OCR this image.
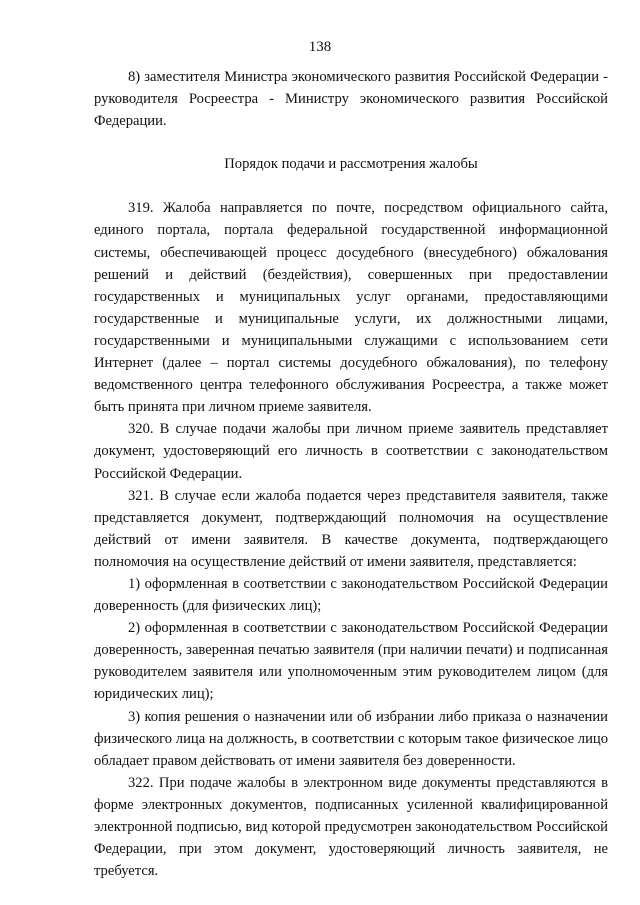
138

8) заместителя Министра экономического развития Российской Федерации - руководителя Росреестра - Министру экономического развития Российской Федерации.

Порядок подачи и рассмотрения жалобы

319. Жалоба направляется по почте, посредством официального сайта, единого портала, портала федеральной государственной информационной системы, обеспечивающей процесс досудебного (внесудебного) обжалования решений и действий (бездействия), совершенных при предоставлении государственных и муниципальных услуг органами, предоставляющими государственные и муниципальные услуги, их должностными лицами, государственными и муниципальными служащими с использованием сети Интернет (далее – портал системы досудебного обжалования), по телефону ведомственного центра телефонного обслуживания Росреестра, а также может быть принята при личном приеме заявителя.

320. В случае подачи жалобы при личном приеме заявитель представляет документ, удостоверяющий его личность в соответствии с законодательством Российской Федерации.

321. В случае если жалоба подается через представителя заявителя, также представляется документ, подтверждающий полномочия на осуществление действий от имени заявителя. В качестве документа, подтверждающего полномочия на осуществление действий от имени заявителя, представляется:

1) оформленная в соответствии с законодательством Российской Федерации доверенность (для физических лиц);

2) оформленная в соответствии с законодательством Российской Федерации доверенность, заверенная печатью заявителя (при наличии печати) и подписанная руководителем заявителя или уполномоченным этим руководителем лицом (для юридических лиц);

3) копия решения о назначении или об избрании либо приказа о назначении физического лица на должность, в соответствии с которым такое физическое лицо обладает правом действовать от имени заявителя без доверенности.

322. При подаче жалобы в электронном виде документы представляются в форме электронных документов, подписанных усиленной квалифицированной электронной подписью, вид которой предусмотрен законодательством Российской Федерации, при этом документ, удостоверяющий личность заявителя, не требуется.
